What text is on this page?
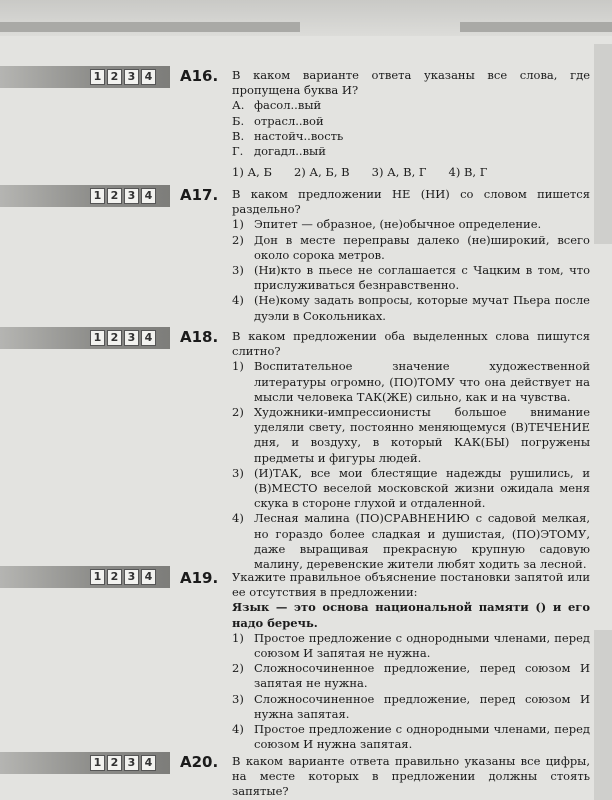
1 2 3 4
1 2 3 4
1 2 3 4
1 2 3 4
1 2 3 4
А16.	В каком варианте ответа указаны все слова, где пропущена буква И?
А. фасол..вый
Б. отрасл..вой
В. настойч..вость
Г. догадл..вый
1) А, Б 2) А, Б, В 3) А, В, Г 4) В, Г
А17.	В каком предложении НЕ (НИ) со словом пишется раздельно?
1) Эпитет — образное, (не)обычное определение.
2) Дон в месте переправы далеко (не)широкий, всего около сорока метров.
3) (Ни)кто в пьесе не соглашается с Чацким в том, что прислуживаться безнравственно.
4) (Не)кому задать вопросы, которые мучат Пьера после дуэли в Сокольниках.
А18.	В каком предложении оба выделенных слова пишутся слитно?
1) Воспитательное значение художественной литературы огромно, (ПО)ТОМУ что она действует на мысли человека ТАК(ЖЕ) сильно, как и на чувства.
2) Художники-импрессионисты большое внимание уделяли свету, постоянно меняющемуся (В)ТЕЧЕНИЕ дня, и воздуху, в который КАК(БЫ) погружены предметы и фигуры людей.
3) (И)ТАК, все мои блестящие надежды рушились, и (В)МЕСТО веселой московской жизни ожидала меня скука в стороне глухой и отдаленной.
4) Лесная малина (ПО)СРАВНЕНИЮ с садовой мелкая, но гораздо более сладкая и душистая, (ПО)ЭТОМУ, даже выращивая прекрасную крупную садовую малину, деревенские жители любят ходить за лесной.
А19.	Укажите правильное объяснение постановки запятой или ее отсутствия в предложении:
Язык — это основа национальной памяти () и его надо беречь.
1) Простое предложение с однородными членами, перед союзом И запятая не нужна.
2) Сложносочиненное предложение, перед союзом И запятая не нужна.
3) Сложносочиненное предложение, перед союзом И нужна запятая.
4) Простое предложение с однородными членами, перед союзом И нужна запятая.
А20.	В каком варианте ответа правильно указаны все цифры, на месте которых в предложении должны стоять запятые?
